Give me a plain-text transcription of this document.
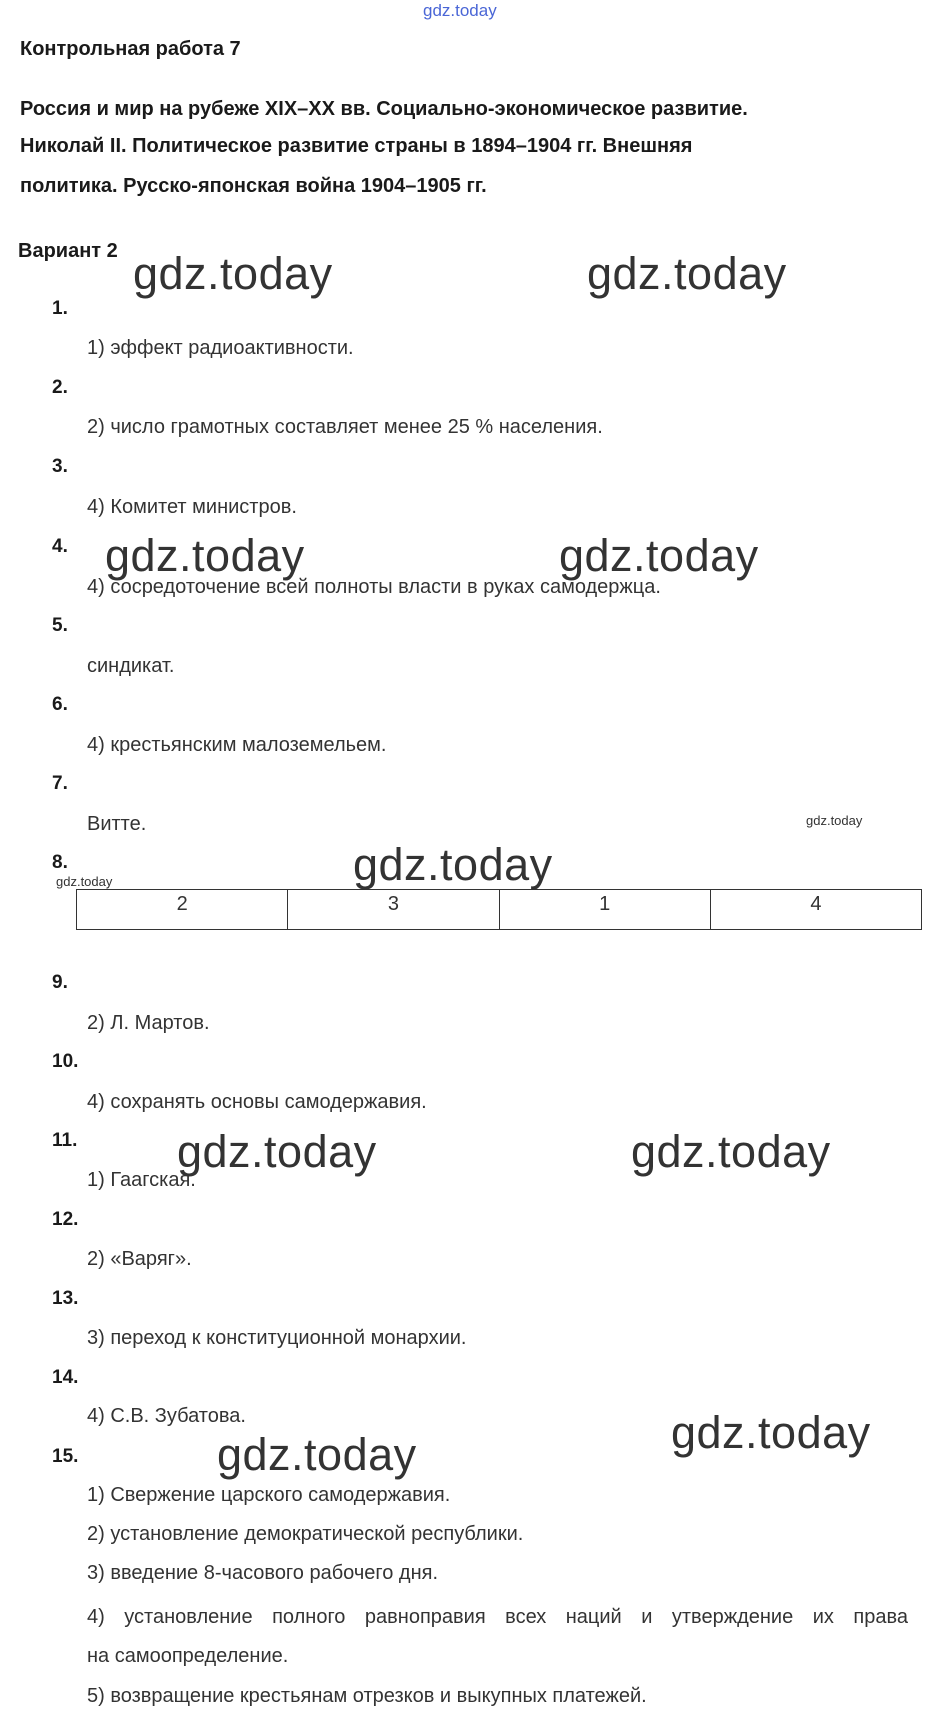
gdz.today
Контрольная работа 7
Россия и мир на рубеже XIX–XX вв. Социально-экономическое развитие.
Николай II. Политическое развитие страны в 1894–1904 гг. Внешняя
политика. Русско-японская война 1904–1905 гг.
Вариант 2
1.
1) эффект радиоактивности.
2.
2) число грамотных составляет менее 25 % населения.
3.
4) Комитет министров.
4.
4) сосредоточение всей полноты власти в руках самодержца.
5.
синдикат.
6.
4) крестьянским малоземельем.
7.
Витте.
8.
2	3	1	4
9.
2) Л. Мартов.
10.
4) сохранять основы самодержавия.
11.
1) Гаагская.
12.
2) «Варяг».
13.
3) переход к конституционной монархии.
14.
4) С.В. Зубатова.
15.
1) Свержение царского самодержавия.
2) установление демократической республики.
3) введение 8-часового рабочего дня.
4) установление полного равноправия всех наций и утверждение их права
на самоопределение.
5) возвращение крестьянам отрезков и выкупных платежей.
gdz.today	gdz.today
gdz.today	gdz.today
gdz.today
gdz.today	gdz.today
gdz.today
gdz.today
gdz.today
gdz.today
